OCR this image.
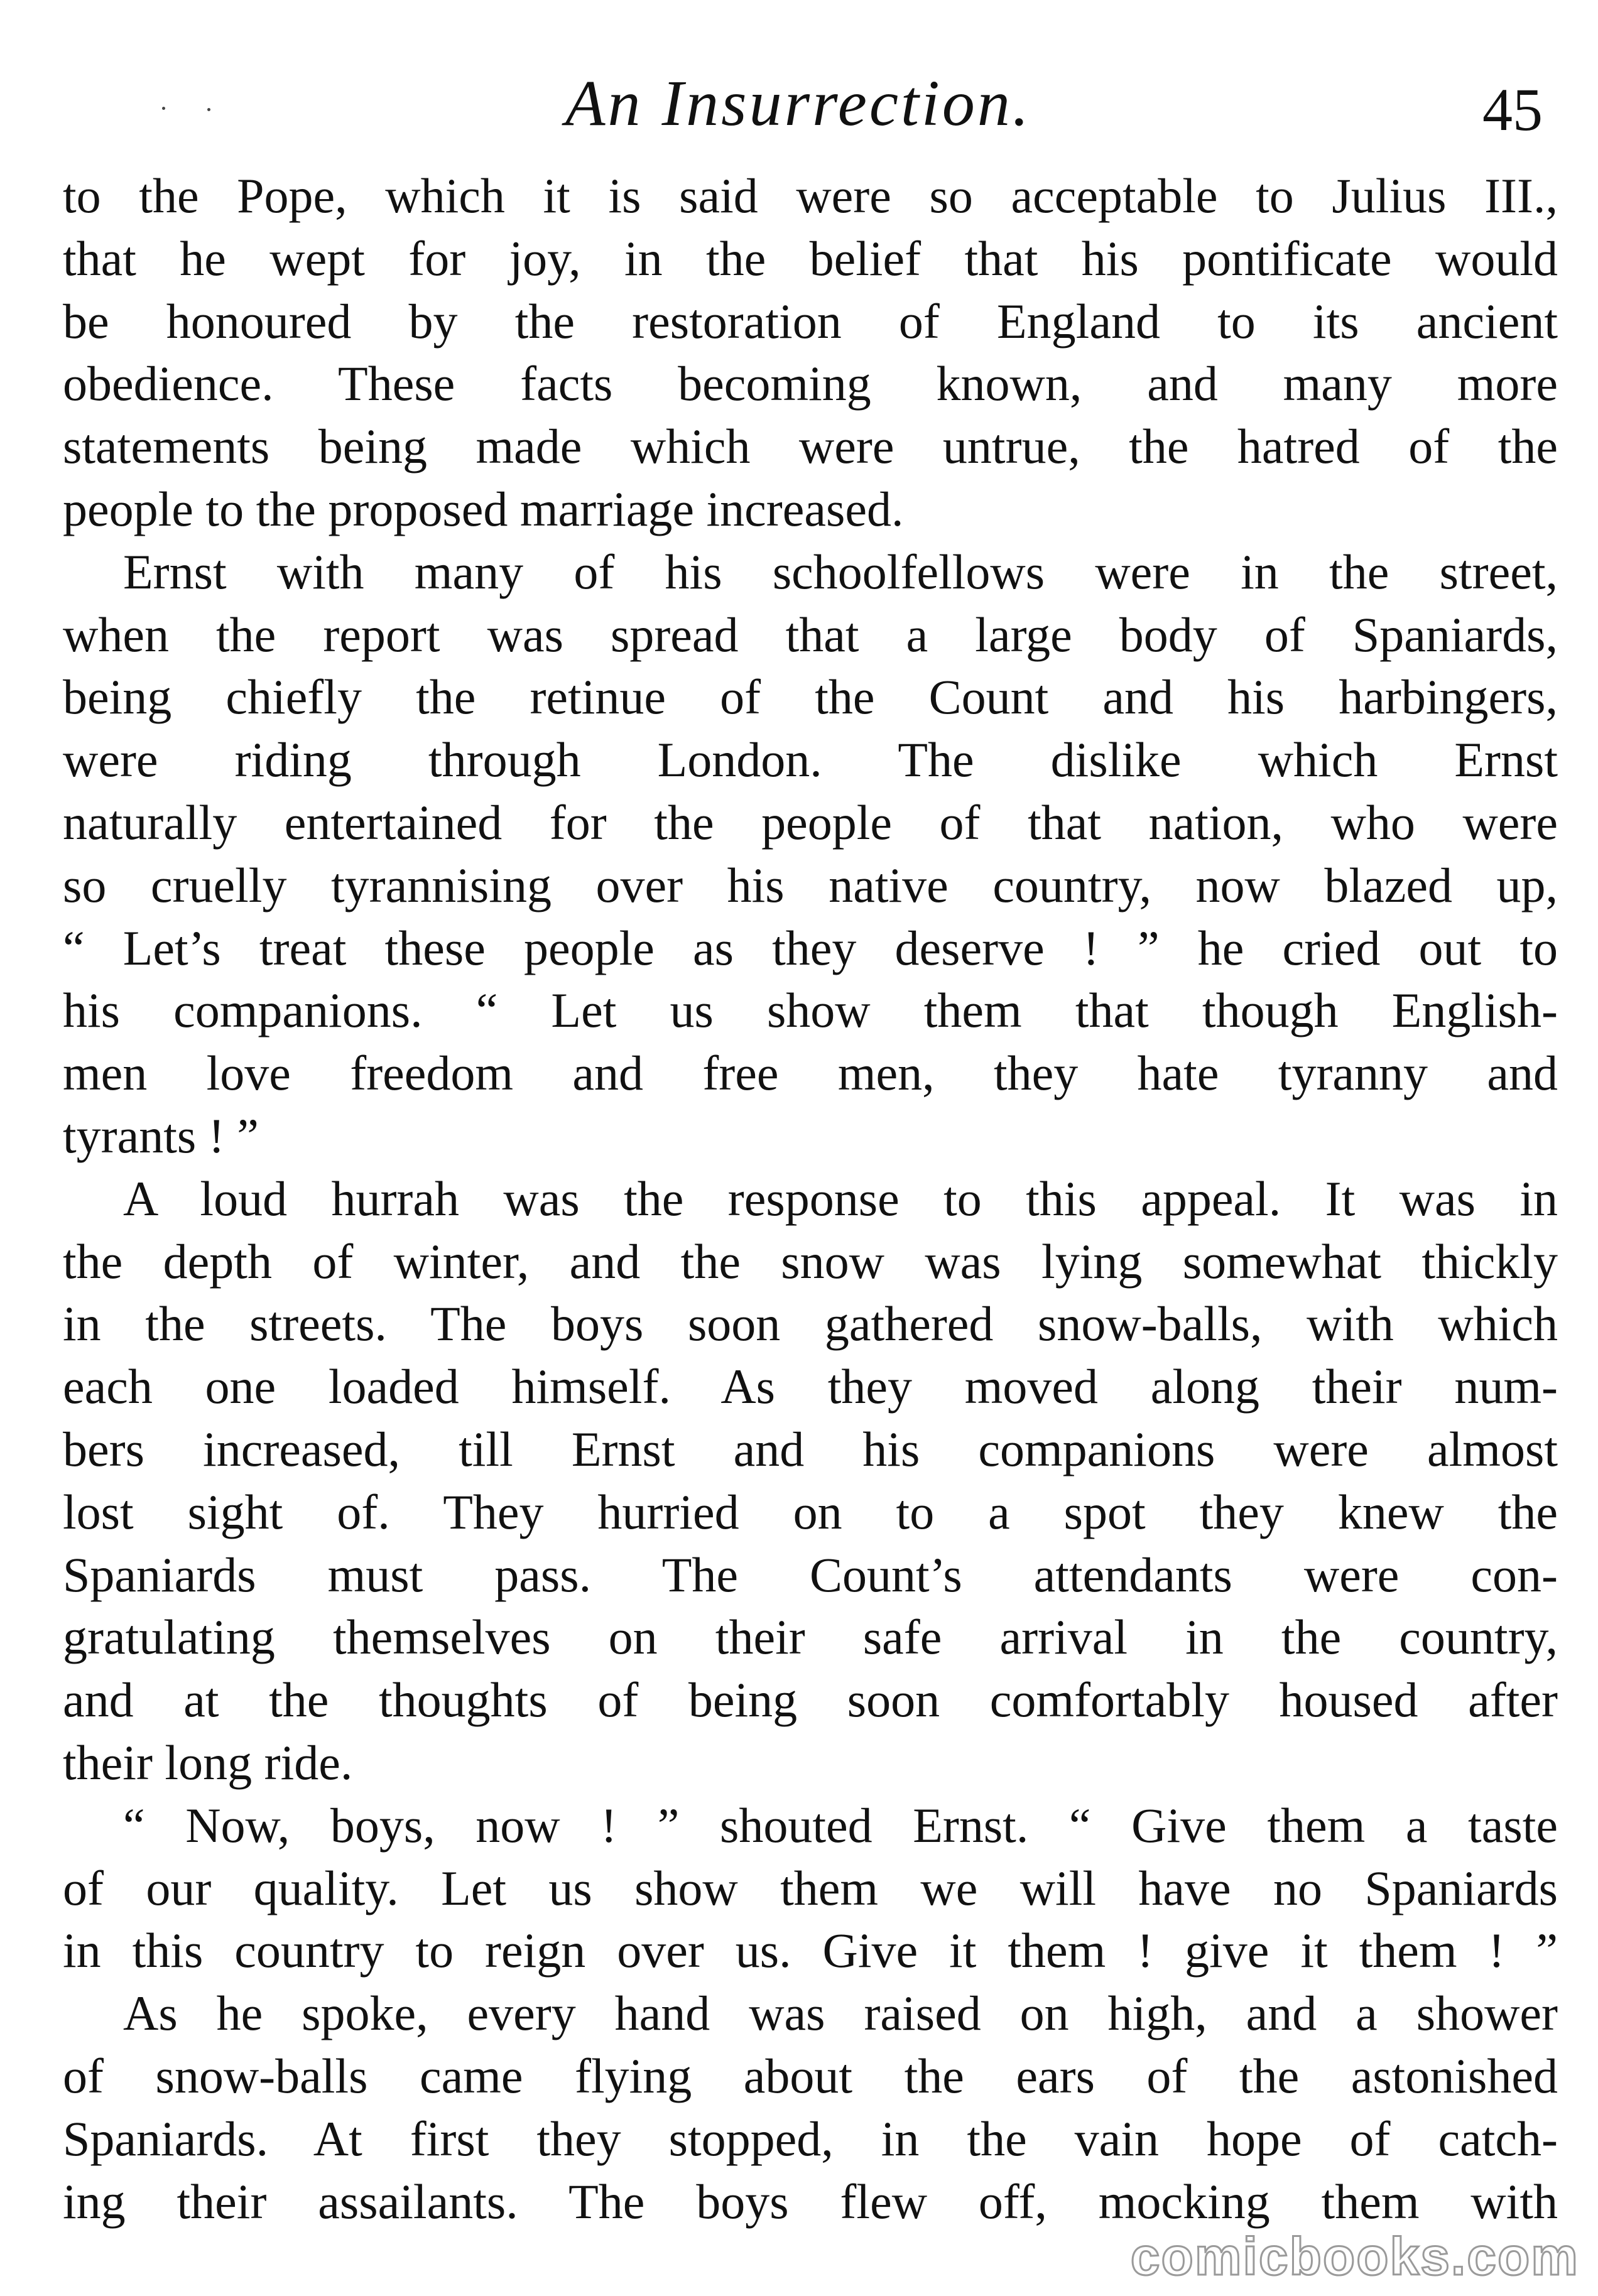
An Insurrection.	45
to the Pope, which it is said were so acceptable to Julius III.,
that he wept for joy, in the belief that his pontificate would
be honoured by the restoration of England to its ancient
obedience. These facts becoming known, and many more
statements being made which were untrue, the hatred of the
people to the proposed marriage increased.
Ernst with many of his schoolfellows were in the street,
when the report was spread that a large body of Spaniards,
being chiefly the retinue of the Count and his harbingers,
were riding through London. The dislike which Ernst
naturally entertained for the people of that nation, who were
so cruelly tyrannising over his native country, now blazed up,
“ Let’s treat these people as they deserve ! ” he cried out to
his companions. “ Let us show them that though English-
men love freedom and free men, they hate tyranny and
tyrants ! ”
A loud hurrah was the response to this appeal. It was in
the depth of winter, and the snow was lying somewhat thickly
in the streets. The boys soon gathered snow-balls, with which
each one loaded himself. As they moved along their num-
bers increased, till Ernst and his companions were almost
lost sight of. They hurried on to a spot they knew the
Spaniards must pass. The Count’s attendants were con-
gratulating themselves on their safe arrival in the country,
and at the thoughts of being soon comfortably housed after
their long ride.
“ Now, boys, now ! ” shouted Ernst. “ Give them a taste
of our quality. Let us show them we will have no Spaniards
in this country to reign over us. Give it them ! give it them ! ”
As he spoke, every hand was raised on high, and a shower
of snow-balls came flying about the ears of the astonished
Spaniards. At first they stopped, in the vain hope of catch-
ing their assailants. The boys flew off, mocking them with
comicbooks.com
